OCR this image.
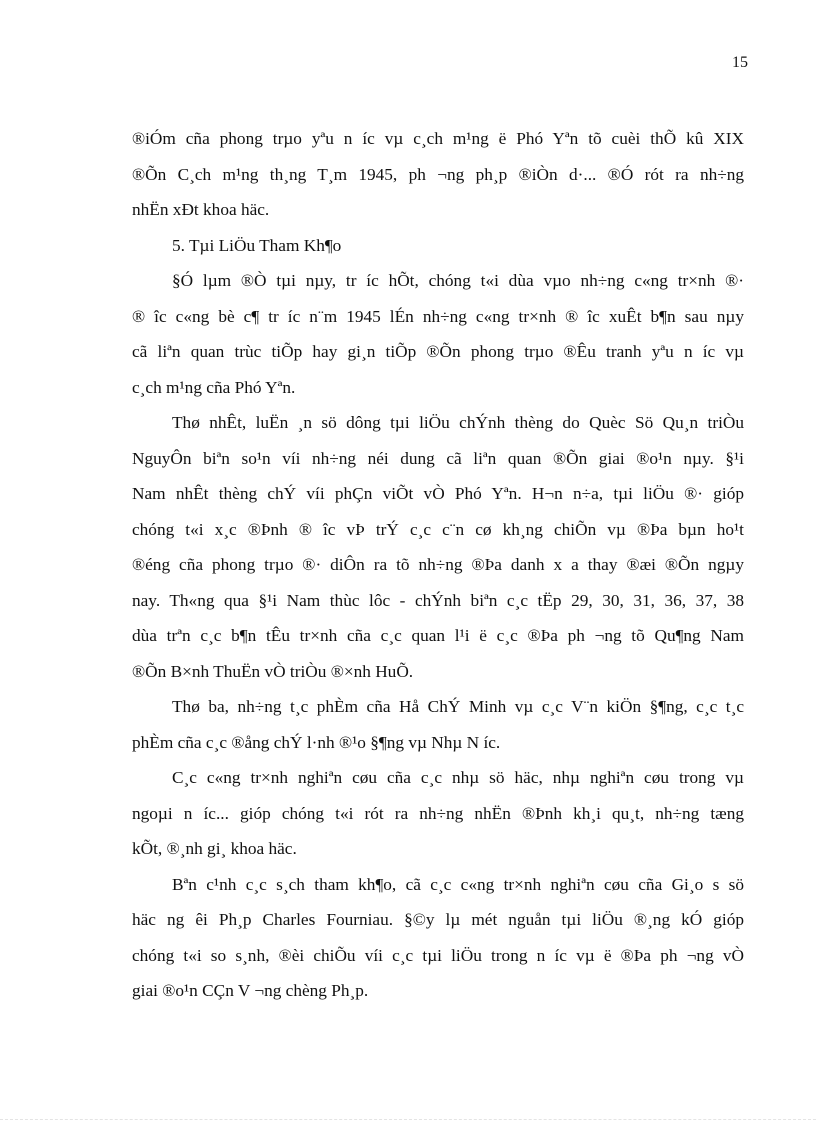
15
®iÓm cña phong trµo yªu n íc vµ c¸ch m¹ng ë Phó Yªn tõ cuèi thÕ kû XIX
®Õn C¸ch m¹ng th¸ng T¸m 1945, ph ¬ng ph¸p ®iÒn d·... ®Ó rót ra nh÷ng
nhËn xÐt khoa häc.
5. Tµi LiÖu Tham Kh¶o
§Ó lµm ®Ò tµi nµy, tr íc hÕt, chóng t«i dùa vµo nh÷ng c«ng tr×nh ®·
® îc c«ng bè c¶ tr íc n¨m 1945 lÉn nh÷ng c«ng tr×nh ® îc xuÊt b¶n sau nµy
cã liªn quan trùc tiÕp hay gi¸n tiÕp ®Õn phong trµo ®Êu tranh yªu n íc vµ
c¸ch m¹ng cña Phó Yªn.
Thø nhÊt, luËn ¸n sö dông tµi liÖu chÝnh thèng do Quèc Sö Qu¸n triÒu
NguyÔn biªn so¹n víi nh÷ng néi dung cã liªn quan ®Õn giai ®o¹n nµy. §¹i
Nam nhÊt thèng chÝ víi phÇn viÕt vÒ Phó Yªn. H¬n n÷a, tµi liÖu ®· gióp
chóng t«i x¸c ®Þnh ® îc vÞ trÝ c¸c c¨n cø kh¸ng chiÕn vµ ®Þa bµn ho¹t
®éng cña phong trµo ®· diÔn ra tõ nh÷ng ®Þa danh x a thay ®æi ®Õn ngµy
nay. Th«ng qua §¹i Nam thùc lôc - chÝnh biªn c¸c tËp 29, 30, 31, 36, 37, 38
dùa trªn c¸c b¶n tÊu tr×nh cña c¸c quan l¹i ë c¸c ®Þa ph ¬ng tõ Qu¶ng Nam
®Õn B×nh ThuËn vÒ triÒu ®×nh HuÕ.
Thø ba, nh÷ng t¸c phÈm cña Hå ChÝ Minh vµ c¸c V¨n kiÖn §¶ng, c¸c t¸c
phÈm cña c¸c ®ång chÝ l·nh ®¹o §¶ng vµ Nhµ N íc.
C¸c c«ng tr×nh nghiªn cøu cña c¸c nhµ sö häc, nhµ nghiªn cøu trong vµ
ngoµi n íc... gióp chóng t«i rót ra nh÷ng nhËn ®Þnh kh¸i qu¸t, nh÷ng tæng
kÕt, ®¸nh gi¸ khoa häc.
Bªn c¹nh c¸c s¸ch tham kh¶o, cã c¸c c«ng tr×nh nghiªn cøu cña Gi¸o s sö
häc ng êi Ph¸p Charles Fourniau. §©y lµ mét nguån tµi liÖu ®¸ng kÓ gióp
chóng t«i so s¸nh, ®èi chiÕu víi c¸c tµi liÖu trong n íc vµ ë ®Þa ph ¬ng vÒ
giai ®o¹n CÇn V ¬ng chèng Ph¸p.
